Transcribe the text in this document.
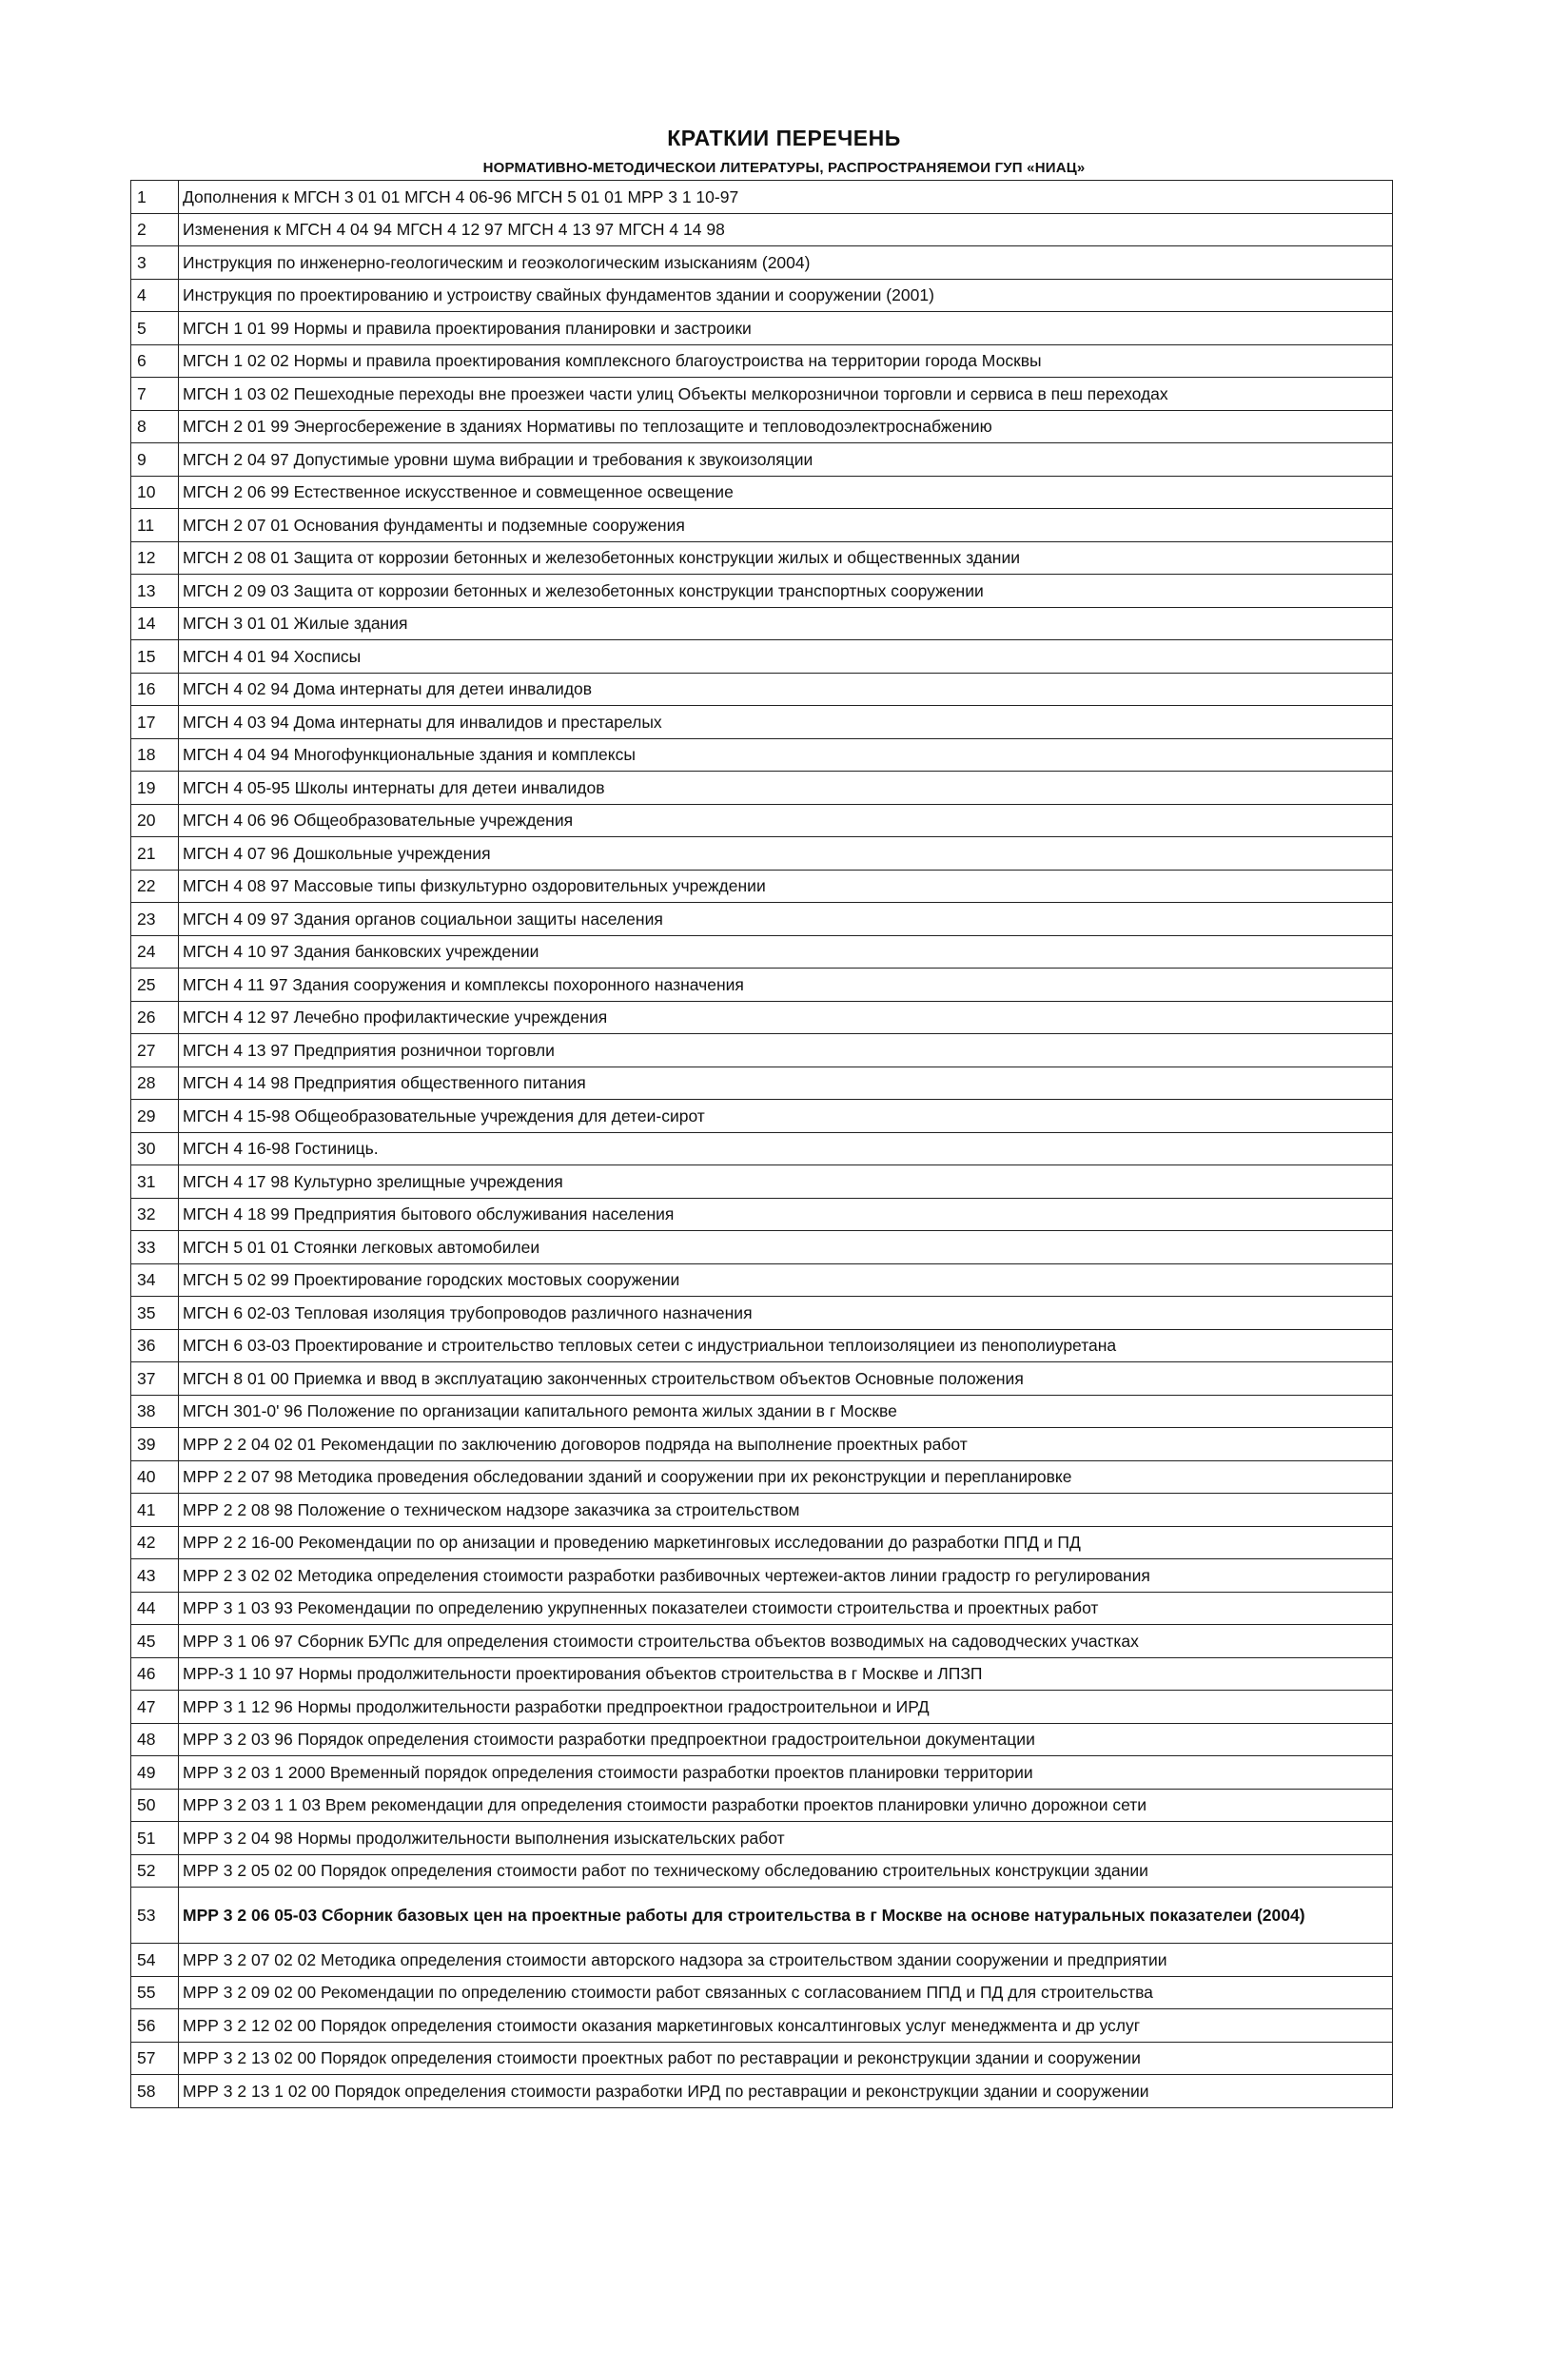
КРАТКИИ ПЕРЕЧЕНЬ
НОРМАТИВНО-МЕТОДИЧЕСКОИ ЛИТЕРАТУРЫ, РАСПРОСТРАНЯЕМОИ ГУП «НИАЦ»
1	Дополнения к МГСН 3 01 01 МГСН 4 06-96 МГСН 5 01 01 МРР 3 1 10-97
2	Изменения к МГСН 4 04 94 МГСН 4 12 97 МГСН 4 13 97 МГСН 4 14 98
3	Инструкция по инженерно-геологическим и геоэкологическим изысканиям (2004)
4	Инструкция по проектированию и устроиству свайных фундаментов здании и сооружении (2001)
5	МГСН 1 01 99 Нормы и правила проектирования планировки и застроики
6	МГСН 1 02 02 Нормы и правила проектирования комплексного благоустроиства на территории города Москвы
7	МГСН 1 03 02 Пешеходные переходы вне проезжеи части улиц Объекты мелкорозничнои торговли и сервиса в пеш переходах
8	МГСН 2 01 99 Энергосбережение в зданиях Нормативы по теплозащите и тепловодоэлектроснабжению
9	МГСН 2 04 97 Допустимые уровни шума вибрации и требования к звукоизоляции
10	МГСН 2 06 99 Естественное искусственное и совмещенное освещение
11	МГСН 2 07 01 Основания фундаменты и подземные сооружения
12	МГСН 2 08 01 Защита от коррозии бетонных и железобетонных конструкции жилых и общественных здании
13	МГСН 2 09 03 Защита от коррозии бетонных и железобетонных конструкции транспортных сооружении
14	МГСН 3 01 01 Жилые здания
15	МГСН 4 01 94 Хосписы
16	МГСН 4 02 94 Дома интернаты для детеи инвалидов
17	МГСН 4 03 94 Дома интернаты для инвалидов и престарелых
18	МГСН 4 04 94 Многофункциональные здания и комплексы
19	МГСН 4 05-95 Школы интернаты для детеи инвалидов
20	МГСН 4 06 96 Общеобразовательные учреждения
21	МГСН 4 07 96 Дошкольные учреждения
22	МГСН 4 08 97 Массовые типы физкультурно оздоровительных учреждении
23	МГСН 4 09 97 Здания органов социальнои защиты населения
24	МГСН 4 10 97 Здания банковских учреждении
25	МГСН 4 11 97 Здания сооружения и комплексы похоронного назначения
26	МГСН 4 12 97 Лечебно профилактические учреждения
27	МГСН 4 13 97 Предприятия розничнои торговли
28	МГСН 4 14 98 Предприятия общественного питания
29	МГСН 4 15-98 Общеобразовательные учреждения для детеи-сирот
30	МГСН 4 16-98 Гостиниць.
31	МГСН 4 17 98 Культурно зрелищные учреждения
32	МГСН 4 18 99 Предприятия бытового обслуживания населения
33	МГСН 5 01 01 Стоянки легковых автомобилеи
34	МГСН 5 02 99 Проектирование городских мостовых сооружении
35	МГСН 6 02-03 Тепловая изоляция трубопроводов различного назначения
36	МГСН 6 03-03 Проектирование и строительство тепловых сетеи с индустриальнои теплоизоляциеи из пенополиуретана
37	МГСН 8 01 00 Приемка и ввод в эксплуатацию законченных строительством объектов Основные положения
38	МГСН 301-0' 96 Положение по организации капитального ремонта жилых здании в г Москве
39	МРР 2 2 04 02 01 Рекомендации по заключению договоров подряда на выполнение проектных работ
40	МРР 2 2 07 98 Методика проведения обследовании зданий и сооружении при их реконструкции и перепланировке
41	МРР 2 2 08 98 Положение о техническом надзоре заказчика за строительством
42	МРР 2 2 16-00 Рекомендации по ор анизации и проведению маркетинговых исследовании до разработки ППД и ПД
43	МРР 2 3 02 02 Методика определения стоимости разработки разбивочных чертежеи-актов линии градостр го регулирования
44	МРР 3 1 03 93 Рекомендации по определению укрупненных показателеи стоимости строительства и проектных работ
45	МРР 3 1 06 97 Сборник БУПс для определения стоимости строительства объектов возводимых на садоводческих участках
46	МРР-3 1 10 97 Нормы продолжительности проектирования объектов строительства в г Москве и ЛПЗП
47	МРР 3 1 12 96 Нормы продолжительности разработки предпроектнои градостроительнои и ИРД
48	МРР 3 2 03 96 Порядок определения стоимости разработки предпроектнои градостроительнои документации
49	МРР 3 2 03 1 2000 Временный порядок определения стоимости разработки проектов планировки территории
50	МРР 3 2 03 1 1 03 Врем рекомендации для определения стоимости разработки проектов планировки улично дорожнои сети
51	МРР 3 2 04 98 Нормы продолжительности выполнения изыскательских работ
52	МРР 3 2 05 02 00 Порядок определения стоимости работ по техническому обследованию строительных конструкции здании
53	МРР 3 2 06 05-03 Сборник базовых цен на проектные работы для строительства в г Москве на основе натуральных показателеи (2004)
54	МРР 3 2 07 02 02 Методика определения стоимости авторского надзора за строительством здании сооружении и предприятии
55	МРР 3 2 09 02 00 Рекомендации по определению стоимости работ связанных с согласованием ППД и ПД для строительства
56	МРР 3 2 12 02 00 Порядок определения стоимости оказания маркетинговых консалтинговых услуг менеджмента и др услуг
57	МРР 3 2 13 02 00 Порядок определения стоимости проектных работ по реставрации и реконструкции здании и сооружении
58	МРР 3 2 13 1 02 00 Порядок определения стоимости разработки ИРД по реставрации и реконструкции здании и сооружении
